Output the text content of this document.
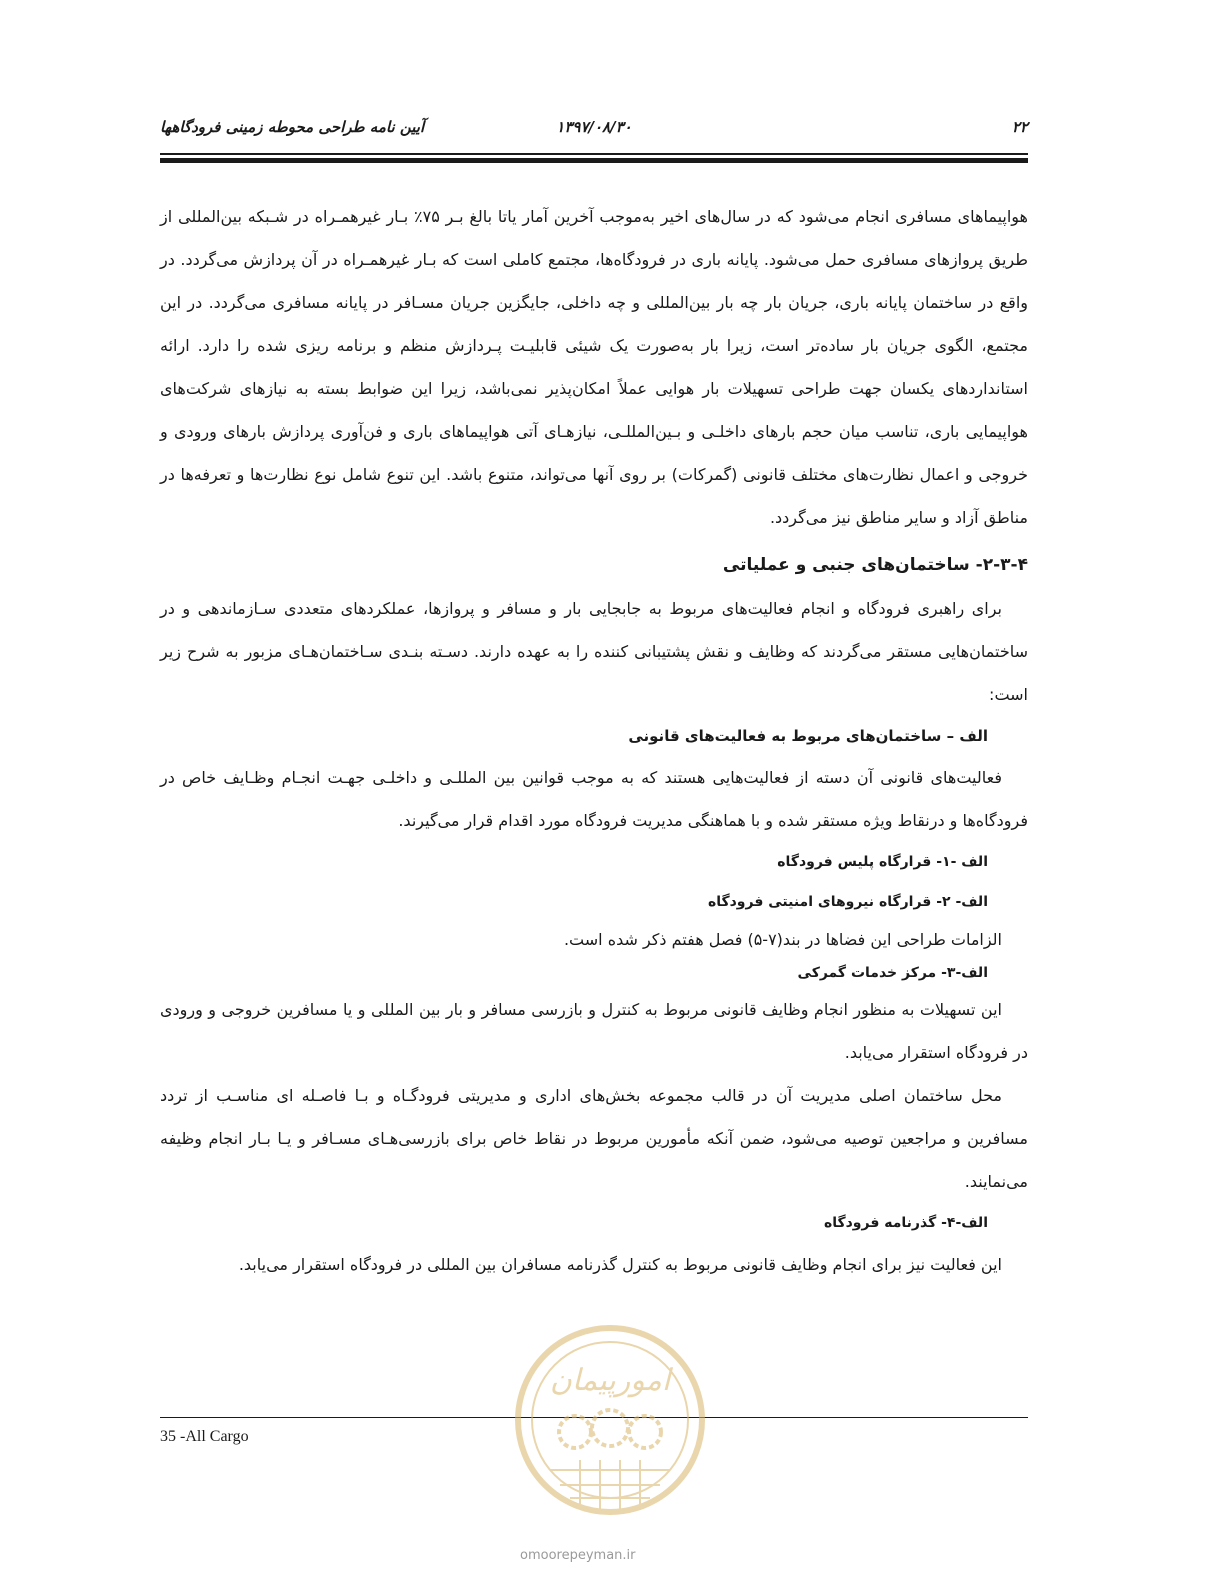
۲۲
۱۳۹۷/۰۸/۳۰
آیین نامه طراحی محوطه زمینی فرودگاهها

هواپیماهای مسافری انجام می‌شود که در سال‌های اخیر به‌موجب آخرین آمار یاتا بالغ بـر ۷۵٪ بـار غیرهمـراه در شـبکه بین‌المللی از طریق پروازهای مسافری حمل می‌شود. پایانه باری در فرودگاه‌ها، مجتمع کاملی است که بـار غیرهمـراه در آن پردازش می‌گردد. در واقع در ساختمان پایانه باری، جریان بار چه بار بین‌المللی و چه داخلی، جایگزین جریان مسـافر در پایانه مسافری می‌گردد. در این مجتمع، الگوی جریان بار ساده‌تر است، زیرا بار به‌صورت یک شیئی قابلیـت پـردازش منظم و برنامه ریزی شده را دارد. ارائه استانداردهای یکسان جهت طراحی تسهیلات بار هوایی عملاً امکان‌پذیر نمی‌باشد، زیرا این ضوابط بسته به نیازهای شرکت‌های هواپیمایی باری، تناسب میان حجم بارهای داخلـی و بـین‌المللـی، نیازهـای آتی هواپیماهای باری و فن‌آوری پردازش بارهای ورودی و خروجی و اعمال نظارت‌های مختلف قانونی (گمرکات) بر روی آنها می‌تواند، متنوع باشد. این تنوع شامل نوع نظارت‌ها و تعرفه‌ها در مناطق آزاد و سایر مناطق نیز می‌گردد.

۲-۳-۴- ساختمان‌های جنبی و عملیاتی

برای راهبری فرودگاه و انجام فعالیت‌های مربوط به جابجایی بار و مسافر و پروازها، عملکردهای متعددی سـازماندهی و در ساختمان‌هایی مستقر می‌گردند که وظایف و نقش پشتیبانی کننده را به عهده دارند. دسـته بنـدی سـاختمان‌هـای مزبور به شرح زیر است:

الف – ساختمان‌های مربوط به فعالیت‌های قانونی

فعالیت‌های قانونی آن دسته از فعالیت‌هایی هستند که به موجب قوانین بین المللـی و داخلـی جهـت انجـام وظـایف خاص در فرودگاه‌ها و درنقاط ویژه مستقر شده و با هماهنگی مدیریت فرودگاه مورد اقدام قرار می‌گیرند.

الف -۱- قرارگاه پلیس فرودگاه
الف- ۲- قرارگاه نیروهای امنیتی فرودگاه

الزامات طراحی این فضاها در بند(۷-۵) فصل هفتم ذکر شده است.

الف-۳- مرکز خدمات گمرکی

این تسهیلات به منظور انجام وظایف قانونی مربوط به کنترل و بازرسی مسافر و بار بین المللی و یا مسافرین خروجی و ورودی در فرودگاه استقرار می‌یابد.

محل ساختمان اصلی مدیریت آن در قالب مجموعه بخش‌های اداری و مدیریتی فرودگـاه و بـا فاصـله ای مناسـب از تردد مسافرین و مراجعین توصیه می‌شود، ضمن آنکه مأمورین مربوط در نقاط خاص برای بازرسی‌هـای مسـافر و یـا بـار انجام وظیفه می‌نمایند.

الف-۴- گذرنامه فرودگاه

این فعالیت نیز برای انجام وظایف قانونی مربوط به کنترل گذرنامه مسافران بین المللی در فرودگاه استقرار می‌یابد.

35 -All Cargo
امورپیمان
omoorepeyman.ir
